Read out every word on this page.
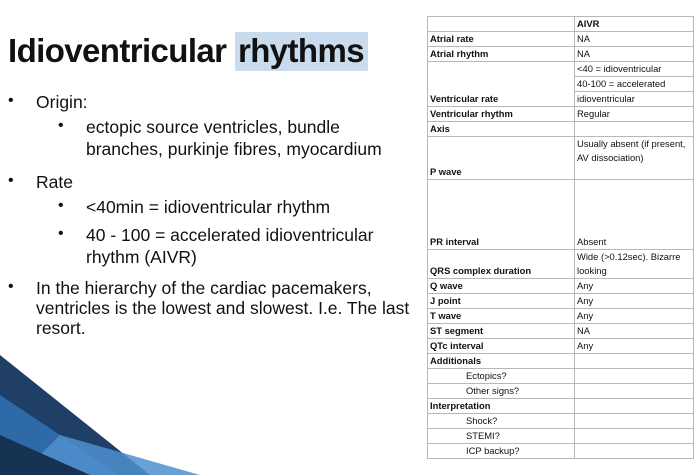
Idioventricular rhythms
• Origin:
• ectopic source ventricles, bundle
branches, purkinje fibres, myocardium
• Rate
• <40min = idioventricular rhythm
• 40 - 100 = accelerated idioventricular
rhythm (AIVR)
• In the hierarchy of the cardiac pacemakers,
ventricles is the lowest and slowest. I.e. The last
resort.
	AIVR
Atrial rate	NA
Atrial rhythm	NA
Ventricular rate	<40 = idioventricular
40-100 = accelerated
idioventricular

Ventricular rhythm	Regular
Axis	
P wave	Usually absent (if present, AV dissociation)
PR interval	Absent
QRS complex duration	Wide (>0.12sec). Bizarre looking
Q wave	Any
J point	Any
T wave	Any
ST segment	NA
QTc interval	Any
Additionals	
Ectopics?	
Other signs?	
Interpretation	
Shock?	
STEMI?	
ICP backup?	
